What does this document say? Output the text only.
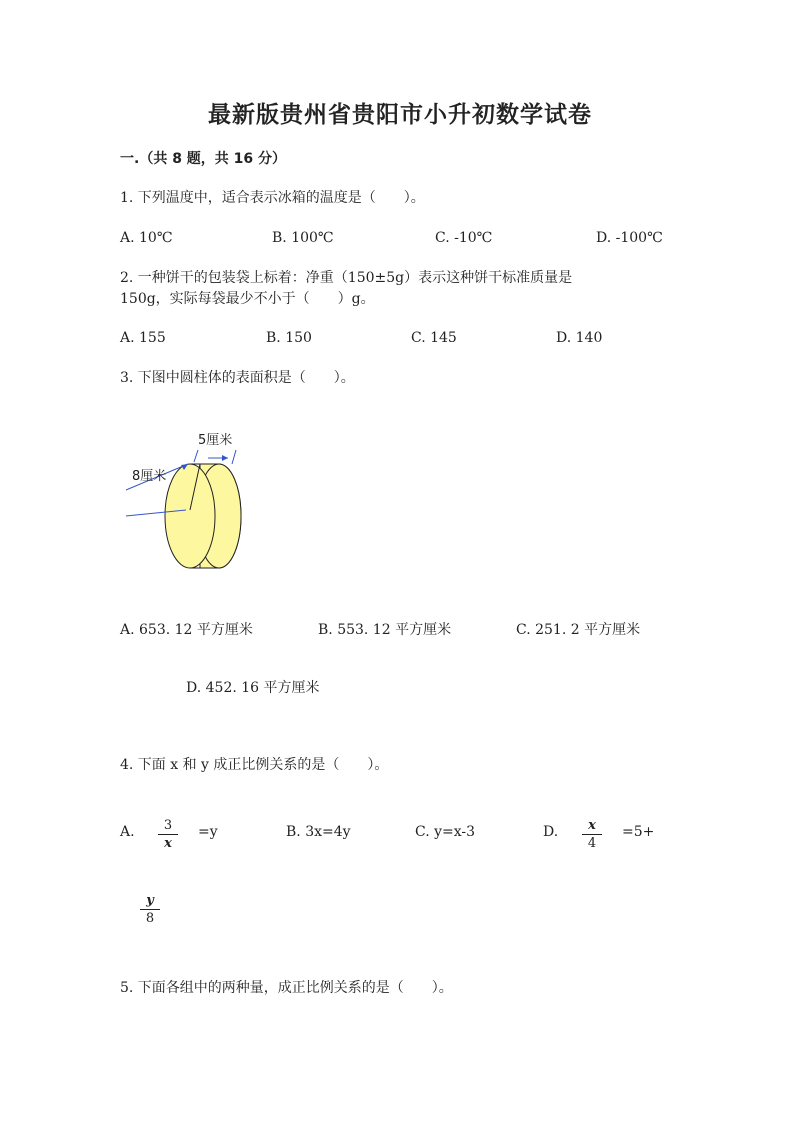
最新版贵州省贵阳市小升初数学试卷
一.（共 8 题，共 16 分）
1. 下列温度中，适合表示冰箱的温度是（　　）。
A. 10℃	B. 100℃	C. -10℃	D. -100℃
2. 一种饼干的包装袋上标着：净重（150±5g）表示这种饼干标准质量是
150g，实际每袋最少不小于（　　）g。
A. 155	B. 150	C. 145	D. 140
3. 下图中圆柱体的表面积是（　　）。
5厘米
8厘米
A. 653. 12 平方厘米	B. 553. 12 平方厘米	C. 251. 2 平方厘米
D. 452. 16 平方厘米
4. 下面 x 和 y 成正比例关系的是（　　）。
A.	3
x
=y	B. 3x=4y	C. y=x-3	D.	x
4
=5+
y
8
5. 下面各组中的两种量，成正比例关系的是（　　）。
